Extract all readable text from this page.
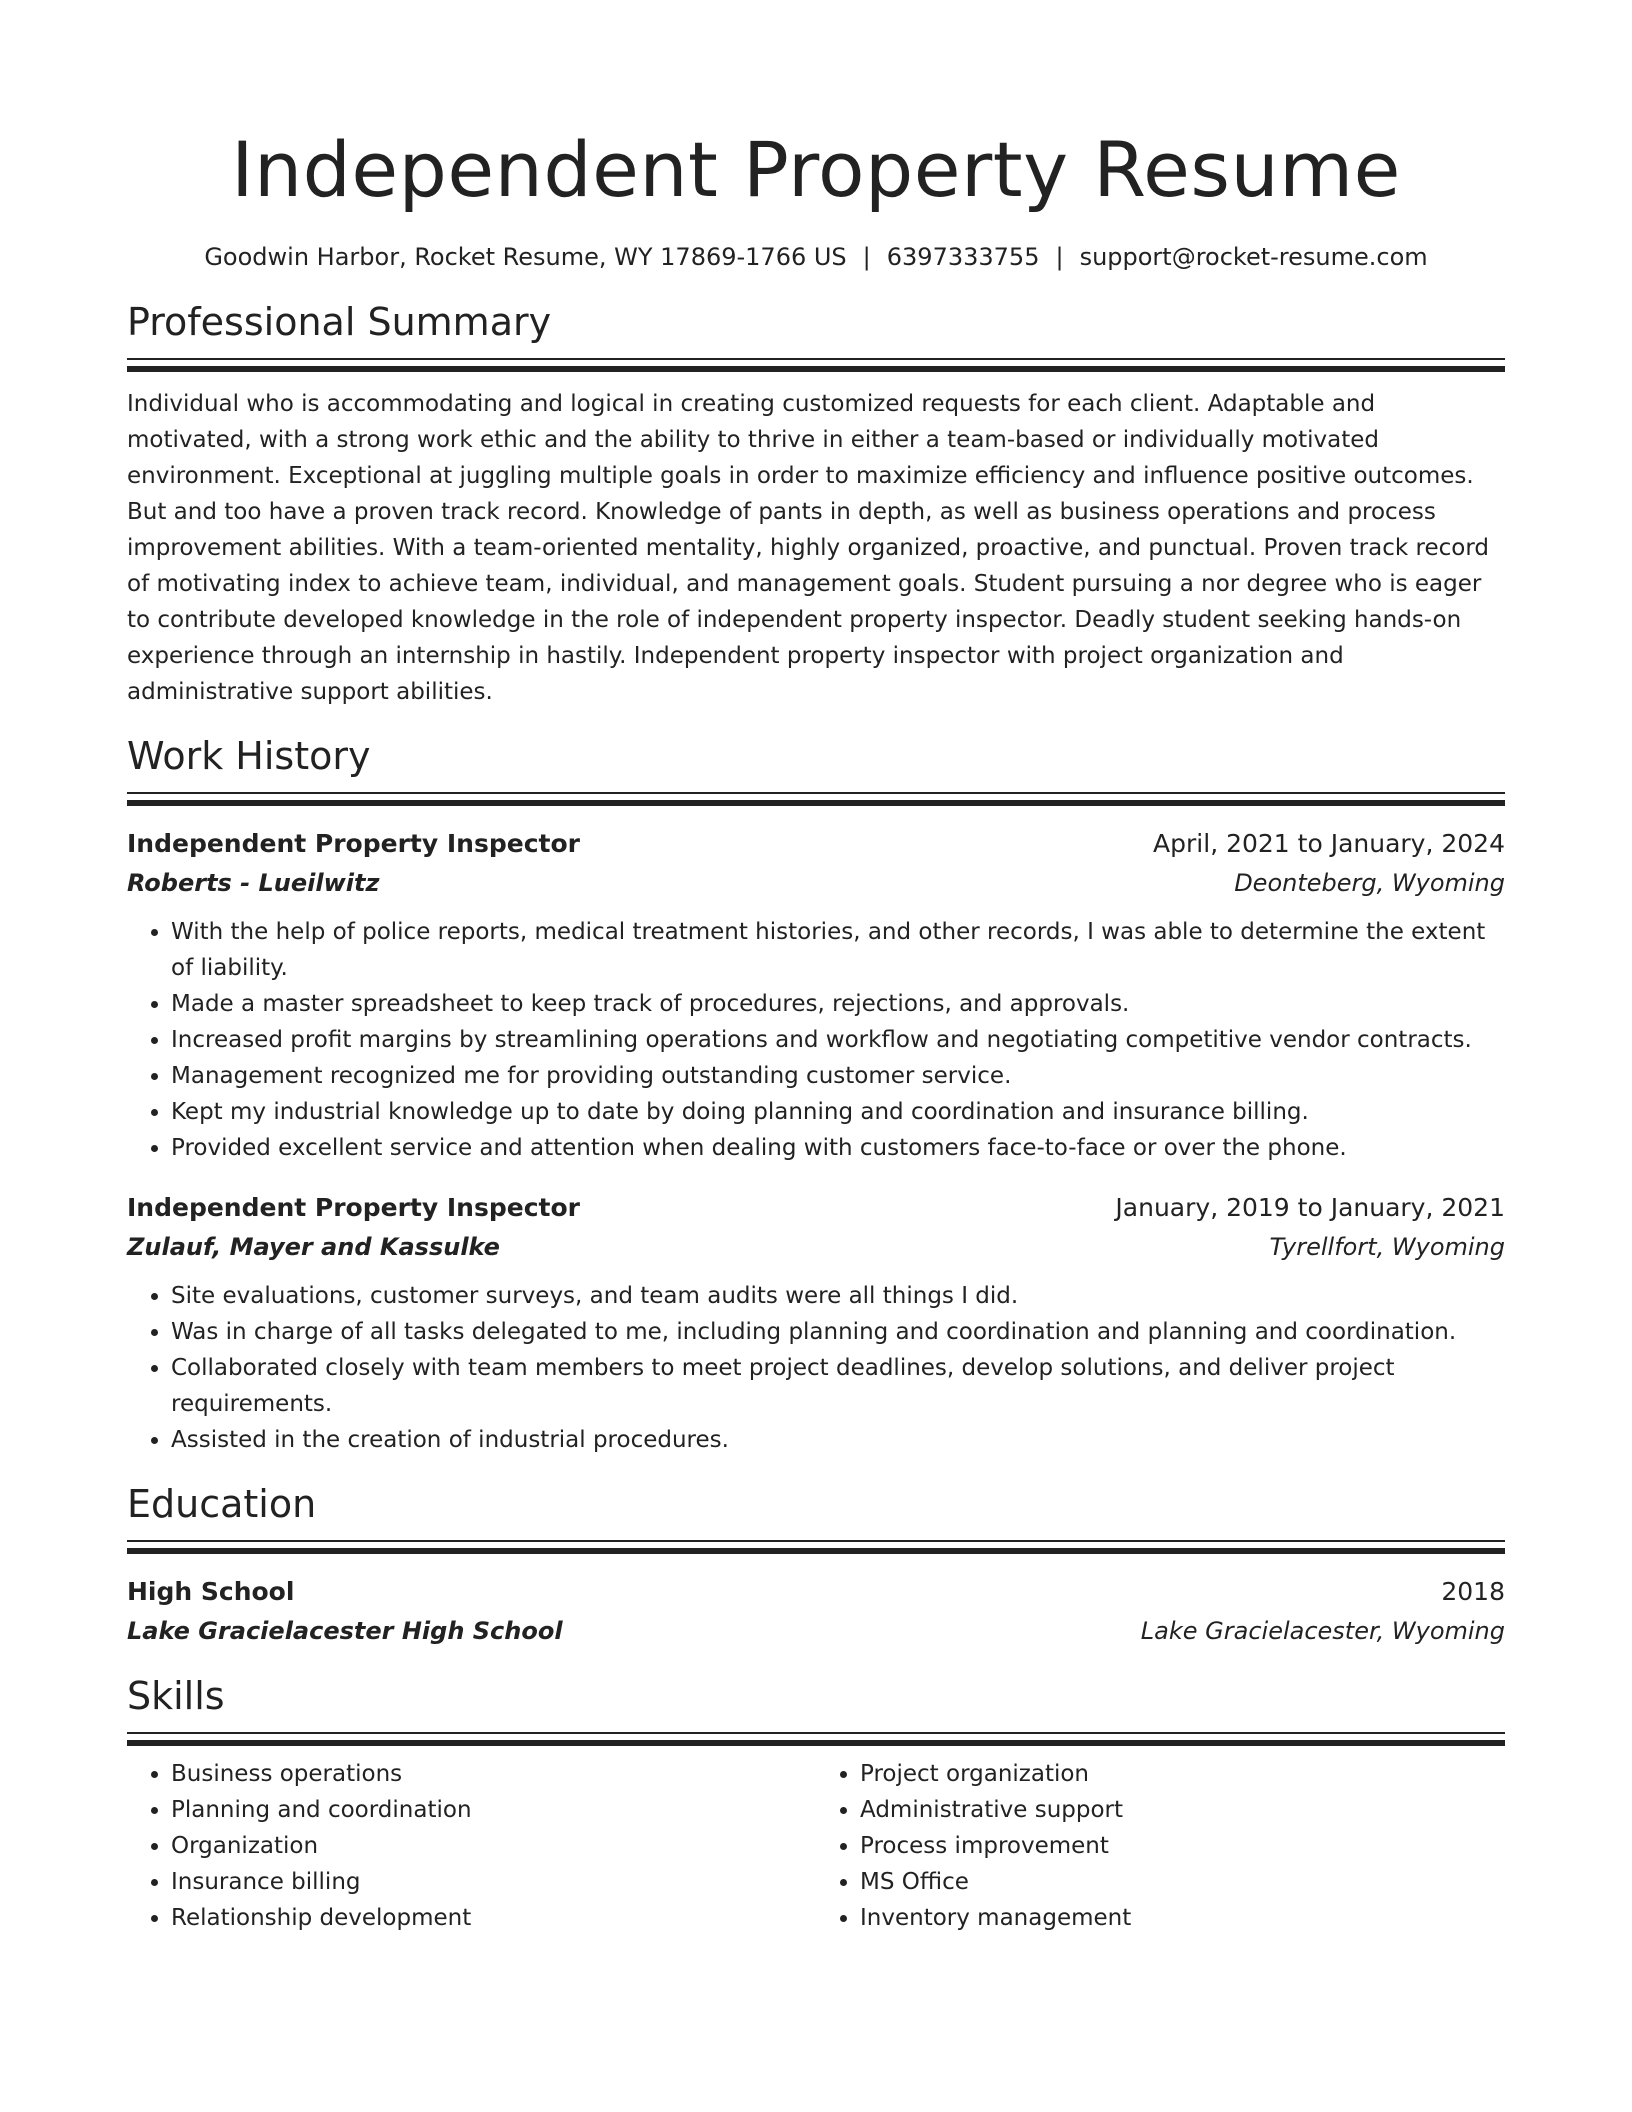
Independent Property Resume
Goodwin Harbor, Rocket Resume, WY 17869-1766 US | 6397333755 | support@rocket-resume.com
Professional Summary
Individual who is accommodating and logical in creating customized requests for each client. Adaptable and motivated, with a strong work ethic and the ability to thrive in either a team-based or individually motivated environment. Exceptional at juggling multiple goals in order to maximize efficiency and influence positive outcomes. But and too have a proven track record. Knowledge of pants in depth, as well as business operations and process improvement abilities. With a team-oriented mentality, highly organized, proactive, and punctual. Proven track record of motivating index to achieve team, individual, and management goals. Student pursuing a nor degree who is eager to contribute developed knowledge in the role of independent property inspector. Deadly student seeking hands-on experience through an internship in hastily. Independent property inspector with project organization and administrative support abilities.
Work History
Independent Property Inspector	April, 2021 to January, 2024
Roberts - Lueilwitz	Deonteberg, Wyoming
• With the help of police reports, medical treatment histories, and other records, I was able to determine the extent of liability.
• Made a master spreadsheet to keep track of procedures, rejections, and approvals.
• Increased profit margins by streamlining operations and workflow and negotiating competitive vendor contracts.
• Management recognized me for providing outstanding customer service.
• Kept my industrial knowledge up to date by doing planning and coordination and insurance billing.
• Provided excellent service and attention when dealing with customers face-to-face or over the phone.
Independent Property Inspector	January, 2019 to January, 2021
Zulauf, Mayer and Kassulke	Tyrellfort, Wyoming
• Site evaluations, customer surveys, and team audits were all things I did.
• Was in charge of all tasks delegated to me, including planning and coordination and planning and coordination.
• Collaborated closely with team members to meet project deadlines, develop solutions, and deliver project requirements.
• Assisted in the creation of industrial procedures.
Education
High School	2018
Lake Gracielacester High School	Lake Gracielacester, Wyoming
Skills
• Business operations
• Planning and coordination
• Organization
• Insurance billing
• Relationship development
• Project organization
• Administrative support
• Process improvement
• MS Office
• Inventory management
